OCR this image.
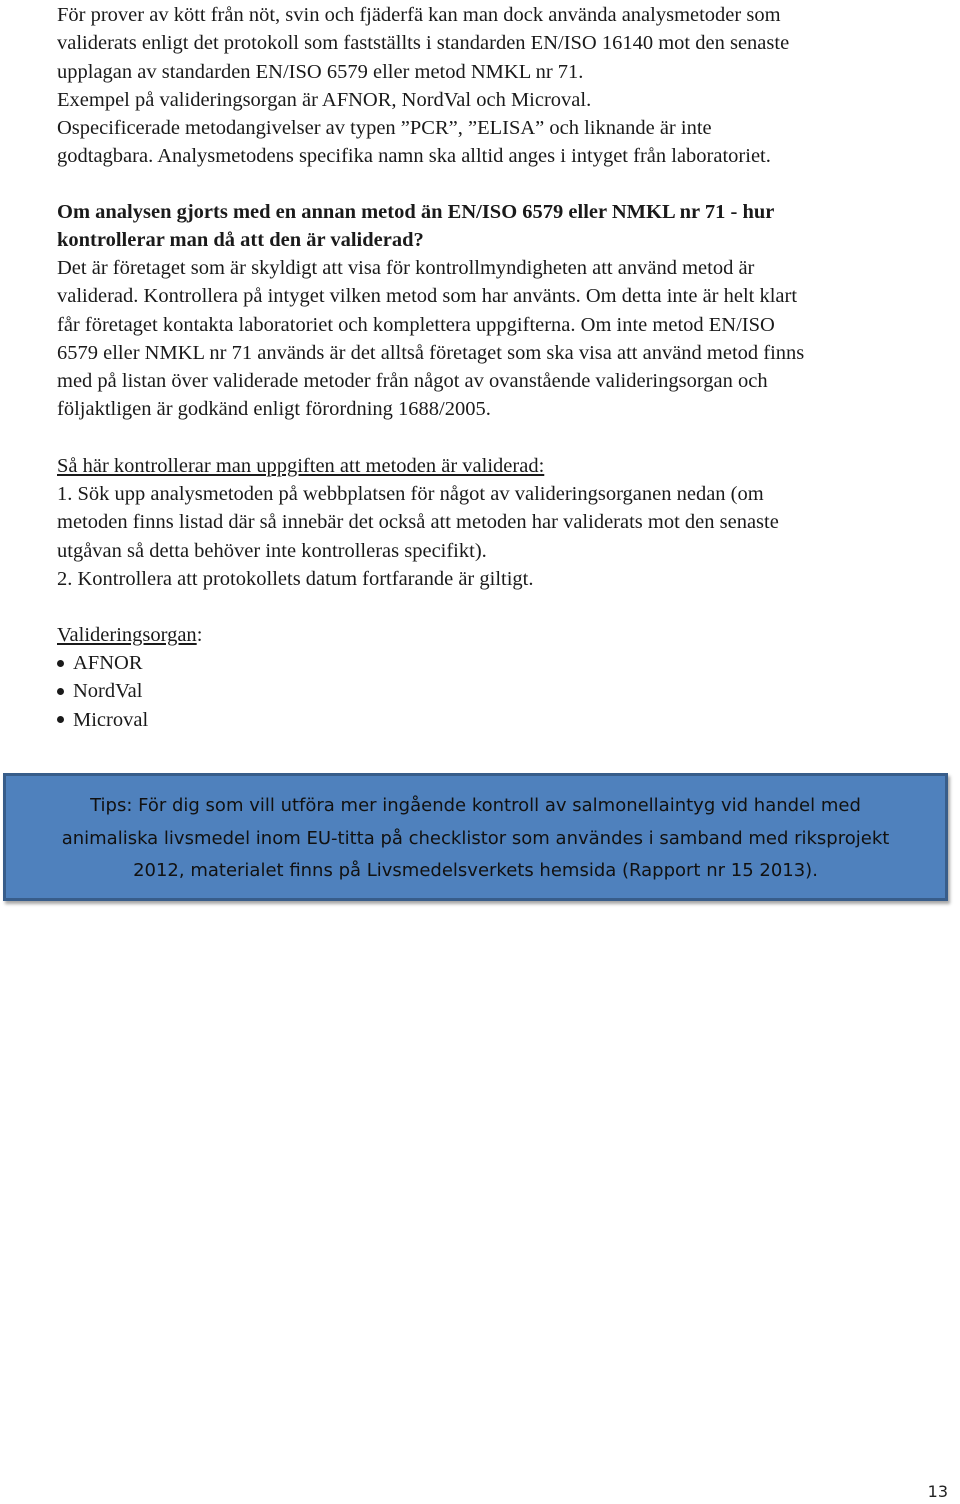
För prover av kött från nöt, svin och fjäderfä kan man dock använda analysmetoder som
validerats enligt det protokoll som fastställts i standarden EN/ISO 16140 mot den senaste
upplagan av standarden EN/ISO 6579 eller metod NMKL nr 71.
Exempel på valideringsorgan är AFNOR, NordVal och Microval.
Ospecificerade metodangivelser av typen ”PCR”, ”ELISA” och liknande är inte
godtagbara. Analysmetodens specifika namn ska alltid anges i intyget från laboratoriet.

Om analysen gjorts med en annan metod än EN/ISO 6579 eller NMKL nr 71 - hur
kontrollerar man då att den är validerad?

Det är företaget som är skyldigt att visa för kontrollmyndigheten att använd metod är
validerad. Kontrollera på intyget vilken metod som har använts. Om detta inte är helt klart
får företaget kontakta laboratoriet och komplettera uppgifterna. Om inte metod EN/ISO
6579 eller NMKL nr 71 används är det alltså företaget som ska visa att använd metod finns
med på listan över validerade metoder från något av ovanstående valideringsorgan och
följaktligen är godkänd enligt förordning 1688/2005.

Så här kontrollerar man uppgiften att metoden är validerad:

1. Sök upp analysmetoden på webbplatsen för något av valideringsorganen nedan (om
metoden finns listad där så innebär det också att metoden har validerats mot den senaste
utgåvan så detta behöver inte kontrolleras specifikt).
2. Kontrollera att protokollets datum fortfarande är giltigt.

Valideringsorgan:

AFNOR
NordVal
Microval
Tips: För dig som vill utföra mer ingående kontroll av salmonellaintyg vid handel med
animaliska livsmedel inom EU-titta på checklistor som användes i samband med riksprojekt
2012, materialet finns på Livsmedelsverkets hemsida (Rapport nr 15 2013).
13
